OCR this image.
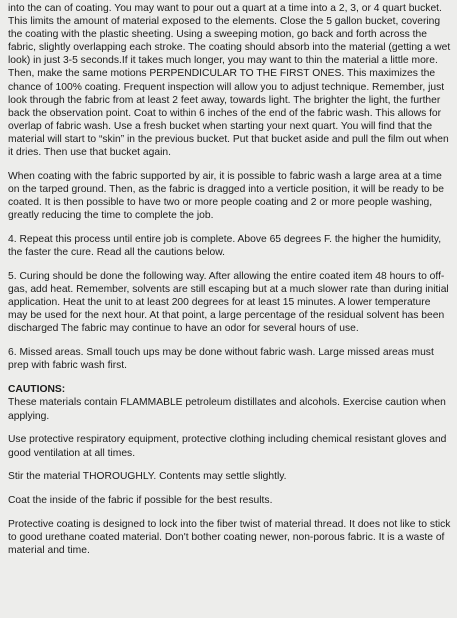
into the can of coating. You may want to pour out a quart at a time into a 2, 3, or 4 quart bucket. This limits the amount of material exposed to the elements. Close the 5 gallon bucket, covering the coating with the plastic sheeting. Using a sweeping motion, go back and forth across the fabric, slightly overlapping each stroke. The coating should absorb into the material (getting a wet look) in just 3-5 seconds.If it takes much longer, you may want to thin the material a little more. Then, make the same motions PERPENDICULAR TO THE FIRST ONES. This maximizes the chance of 100% coating. Frequent inspection will allow you to adjust technique. Remember, just look through the fabric from at least 2 feet away, towards light. The brighter the light, the further back the observation point. Coat to within 6 inches of the end of the fabric wash. This allows for overlap of fabric wash. Use a fresh bucket when starting your next quart. You will find that the material will start to “skin” in the previous bucket. Put that bucket aside and pull the film out when it dries. Then use that bucket again.

When coating with the fabric supported by air, it is possible to fabric wash a large area at a time on the tarped ground. Then, as the fabric is dragged into a verticle position, it will be ready to be coated. It is then possible to have two or more people coating and 2 or more people washing, greatly reducing the time to complete the job.

4. Repeat this process until entire job is complete. Above 65 degrees F. the higher the humidity, the faster the cure. Read all the cautions below.

5. Curing should be done the following way. After allowing the entire coated item 48 hours to off-gas, add heat. Remember, solvents are still escaping but at a much slower rate than during initial application. Heat the unit to at least 200 degrees for at least 15 minutes. A lower temperature may be used for the next hour. At that point, a large percentage of the residual solvent has been discharged The fabric may continue to have an odor for several hours of use.

6. Missed areas. Small touch ups may be done without fabric wash. Large missed areas must prep with fabric wash first.

CAUTIONS:

These materials contain FLAMMABLE petroleum distillates and alcohols. Exercise caution when applying.

Use protective respiratory equipment, protective clothing including chemical resistant gloves and good ventilation at all times.

Stir the material THOROUGHLY. Contents may settle slightly.

Coat the inside of the fabric if possible for the best results.

Protective coating is designed to lock into the fiber twist of material thread. It does not like to stick to good urethane coated material. Don't bother coating newer, non-porous fabric. It is a waste of material and time.
